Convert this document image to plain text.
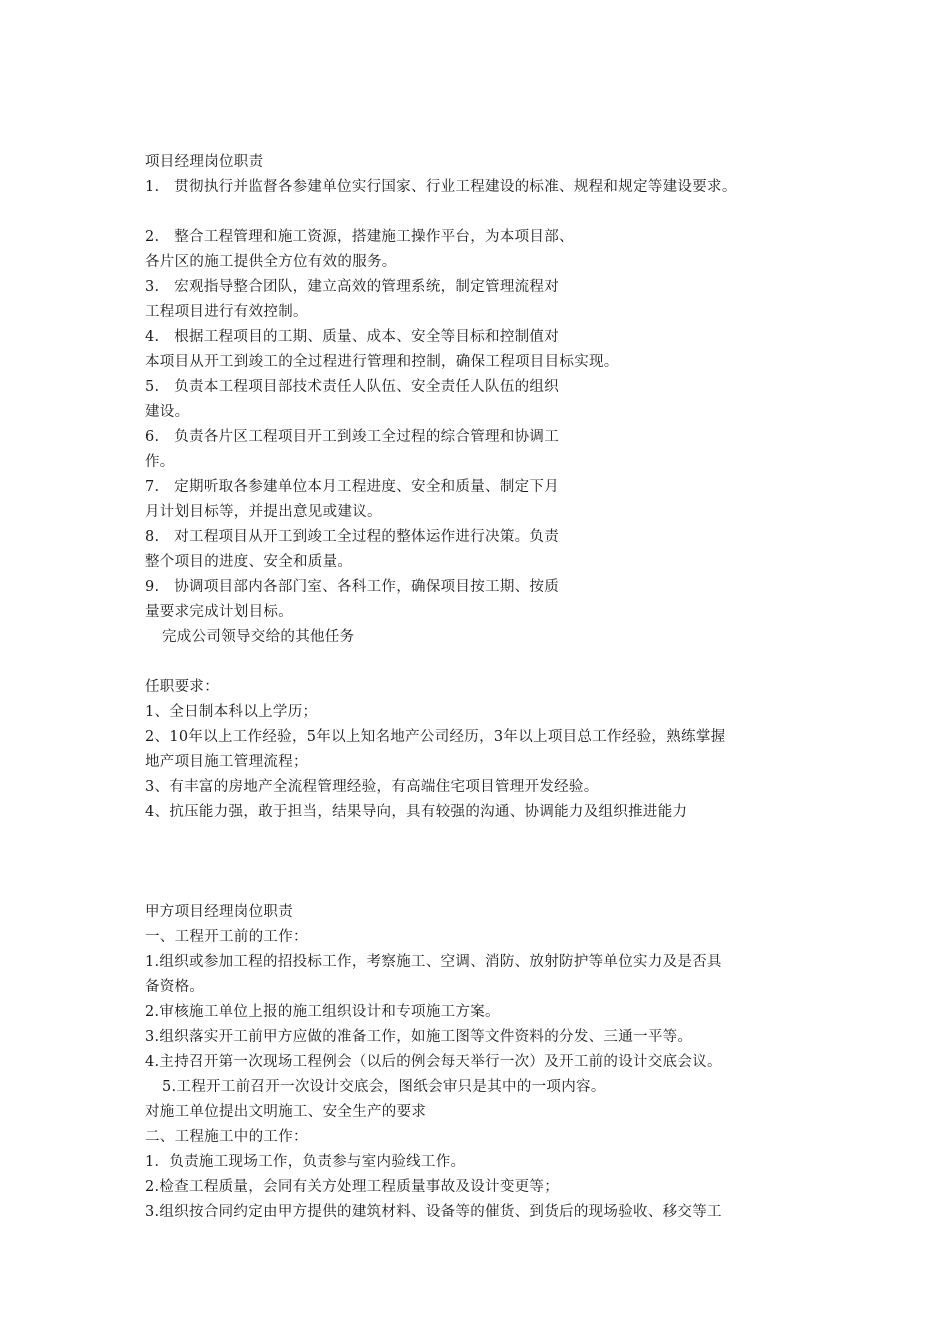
项目经理岗位职责
1.　贯彻执行并监督各参建单位实行国家、行业工程建设的标准、规程和规定等建设要求。
2.　整合工程管理和施工资源，搭建施工操作平台，为本项目部、
各片区的施工提供全方位有效的服务。
3.　宏观指导整合团队，建立高效的管理系统，制定管理流程对
工程项目进行有效控制。
4.　根据工程项目的工期、质量、成本、安全等目标和控制值对
本项目从开工到竣工的全过程进行管理和控制，确保工程项目目标实现。
5.　负责本工程项目部技术责任人队伍、安全责任人队伍的组织
建设。
6.　负责各片区工程项目开工到竣工全过程的综合管理和协调工
作。
7.　定期听取各参建单位本月工程进度、安全和质量、制定下月
月计划目标等，并提出意见或建议。
8.　对工程项目从开工到竣工全过程的整体运作进行决策。负责
整个项目的进度、安全和质量。
9.　协调项目部内各部门室、各科工作，确保项目按工期、按质
量要求完成计划目标。
完成公司领导交给的其他任务
任职要求：
1、全日制本科以上学历；
2、10年以上工作经验，5年以上知名地产公司经历，3年以上项目总工作经验，熟练掌握
地产项目施工管理流程；
3、有丰富的房地产全流程管理经验，有高端住宅项目管理开发经验。
4、抗压能力强，敢于担当，结果导向，具有较强的沟通、协调能力及组织推进能力
甲方项目经理岗位职责
一、工程开工前的工作：
1.组织或参加工程的招投标工作，考察施工、空调、消防、放射防护等单位实力及是否具
备资格。
2.审核施工单位上报的施工组织设计和专项施工方案。
3.组织落实开工前甲方应做的准备工作，如施工图等文件资料的分发、三通一平等。
4.主持召开第一次现场工程例会（以后的例会每天举行一次）及开工前的设计交底会议。
5.工程开工前召开一次设计交底会，图纸会审只是其中的一项内容。
对施工单位提出文明施工、安全生产的要求
二、工程施工中的工作：
1．负责施工现场工作，负责参与室内验线工作。
2.检查工程质量，会同有关方处理工程质量事故及设计变更等；
3.组织按合同约定由甲方提供的建筑材料、设备等的催货、到货后的现场验收、移交等工
